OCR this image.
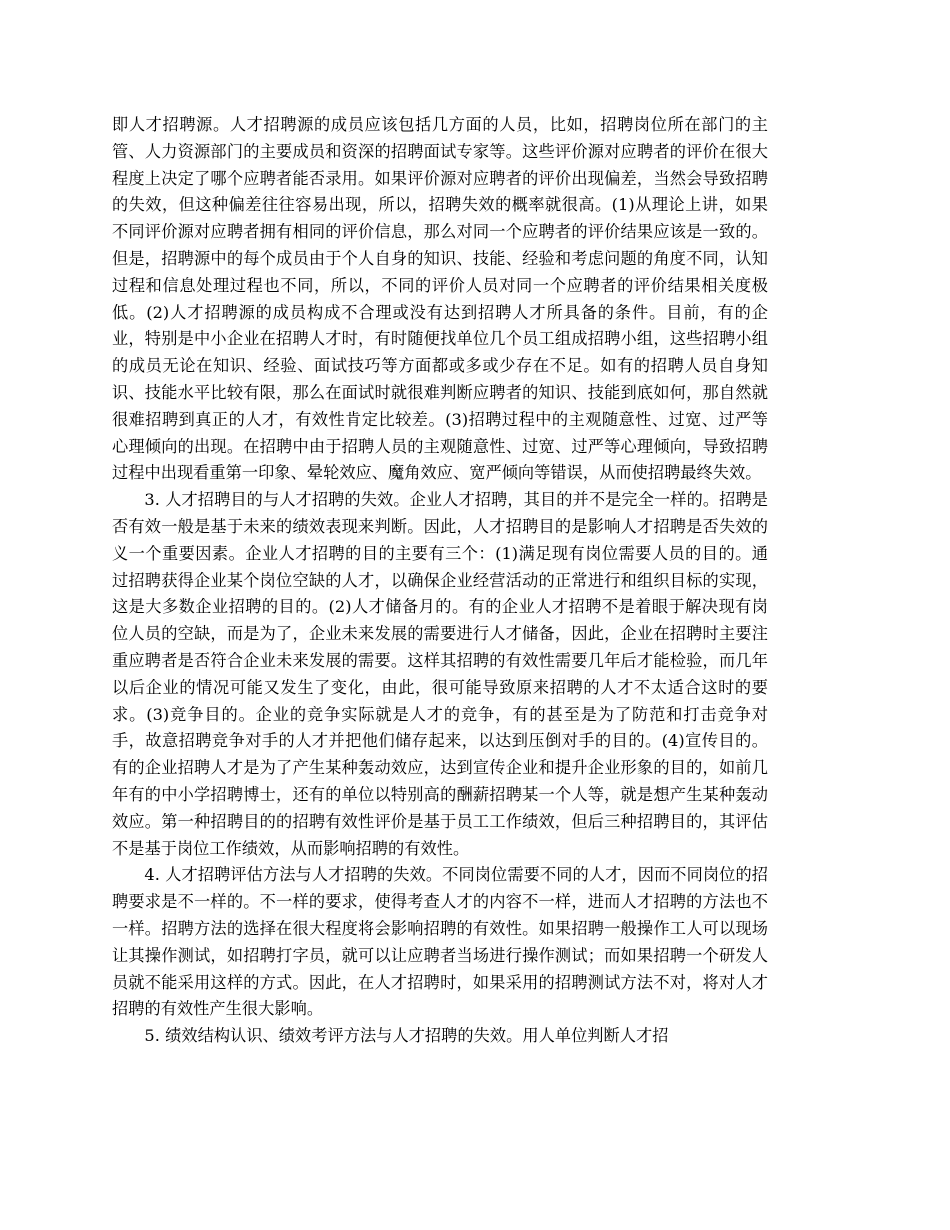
即人才招聘源。人才招聘源的成员应该包括几方面的人员，比如，招聘岗位所在部门的主管、人力资源部门的主要成员和资深的招聘面试专家等。这些评价源对应聘者的评价在很大程度上决定了哪个应聘者能否录用。如果评价源对应聘者的评价出现偏差，当然会导致招聘的失效，但这种偏差往往容易出现，所以，招聘失效的概率就很高。(1)从理论上讲，如果不同评价源对应聘者拥有相同的评价信息，那么对同一个应聘者的评价结果应该是一致的。但是，招聘源中的每个成员由于个人自身的知识、技能、经验和考虑问题的角度不同，认知过程和信息处理过程也不同，所以，不同的评价人员对同一个应聘者的评价结果相关度极低。(2)人才招聘源的成员构成不合理或没有达到招聘人才所具备的条件。目前，有的企业，特别是中小企业在招聘人才时，有时随便找单位几个员工组成招聘小组，这些招聘小组的成员无论在知识、经验、面试技巧等方面都或多或少存在不足。如有的招聘人员自身知识、技能水平比较有限，那么在面试时就很难判断应聘者的知识、技能到底如何，那自然就很难招聘到真正的人才，有效性肯定比较差。(3)招聘过程中的主观随意性、过宽、过严等心理倾向的出现。在招聘中由于招聘人员的主观随意性、过宽、过严等心理倾向，导致招聘过程中出现看重第一印象、晕轮效应、魔角效应、宽严倾向等错误，从而使招聘最终失效。

3. 人才招聘目的与人才招聘的失效。企业人才招聘，其目的并不是完全一样的。招聘是否有效一般是基于未来的绩效表现来判断。因此，人才招聘目的是影响人才招聘是否失效的义一个重要因素。企业人才招聘的目的主要有三个：(1)满足现有岗位需要人员的目的。通过招聘获得企业某个岗位空缺的人才，以确保企业经营活动的正常进行和组织目标的实现，这是大多数企业招聘的目的。(2)人才储备月的。有的企业人才招聘不是着眼于解决现有岗位人员的空缺，而是为了，企业未来发展的需要进行人才储备，因此，企业在招聘时主要注重应聘者是否符合企业未来发展的需要。这样其招聘的有效性需要几年后才能检验，而几年以后企业的情况可能又发生了变化，由此，很可能导致原来招聘的人才不太适合这时的要求。(3)竞争目的。企业的竞争实际就是人才的竞争，有的甚至是为了防范和打击竞争对手，故意招聘竞争对手的人才并把他们储存起来，以达到压倒对手的目的。(4)宣传目的。有的企业招聘人才是为了产生某种轰动效应，达到宣传企业和提升企业形象的目的，如前几年有的中小学招聘博士，还有的单位以特别高的酬薪招聘某一个人等，就是想产生某种轰动效应。第一种招聘目的的招聘有效性评价是基于员工工作绩效，但后三种招聘目的，其评估不是基于岗位工作绩效，从而影响招聘的有效性。

4. 人才招聘评估方法与人才招聘的失效。不同岗位需要不同的人才，因而不同岗位的招聘要求是不一样的。不一样的要求，使得考查人才的内容不一样，进而人才招聘的方法也不一样。招聘方法的选择在很大程度将会影响招聘的有效性。如果招聘一般操作工人可以现场让其操作测试，如招聘打字员，就可以让应聘者当场进行操作测试；而如果招聘一个研发人员就不能采用这样的方式。因此，在人才招聘时，如果采用的招聘测试方法不对，将对人才招聘的有效性产生很大影响。

5. 绩效结构认识、绩效考评方法与人才招聘的失效。用人单位判断人才招
